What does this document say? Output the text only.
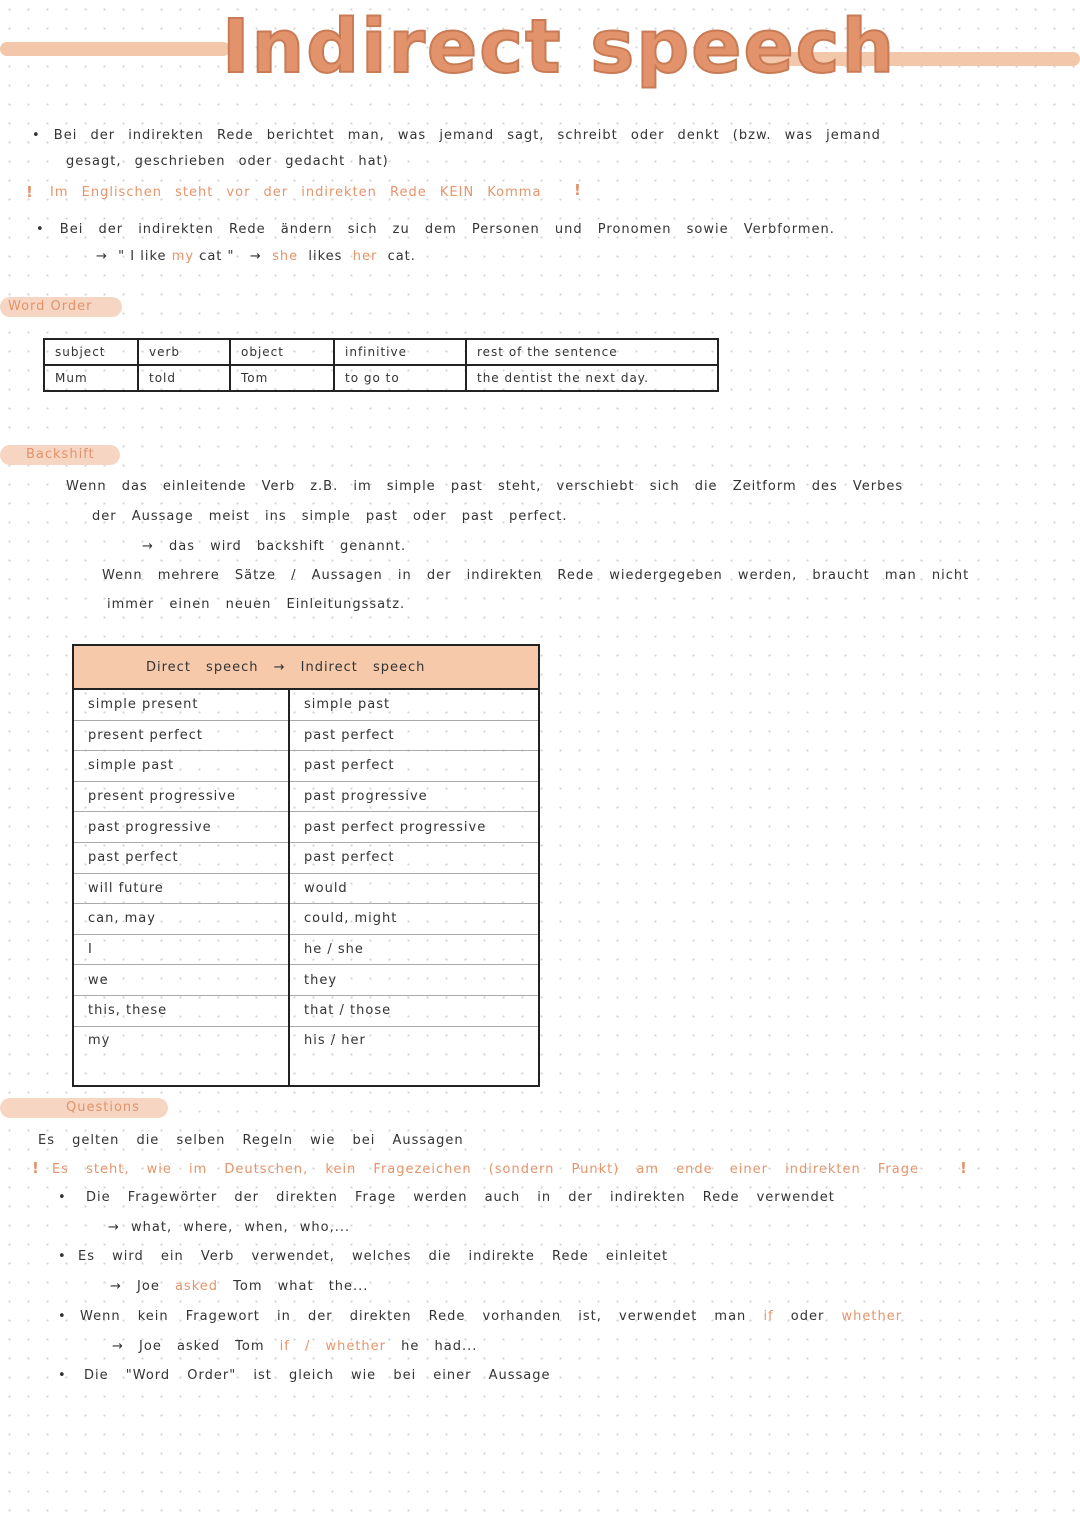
Indirect speech
• Bei der indirekten Rede berichtet man, was jemand sagt, schreibt oder denkt (bzw. was jemand
gesagt, geschrieben oder gedacht hat)
! Im Englischen steht vor der indirekten Rede KEIN Komma !
• Bei der indirekten Rede ändern sich zu dem Personen und Pronomen sowie Verbformen.
→ " I like my cat " → she likes her cat.
Word Order
subject	verb	object	infinitive	rest of the sentence
Mum	told	Tom	to go to	the dentist the next day.
Backshift
Wenn das einleitende Verb z.B. im simple past steht, verschiebt sich die Zeitform des Verbes
der Aussage meist ins simple past oder past perfect.
→ das wird backshift genannt.
Wenn mehrere Sätze / Aussagen in der indirekten Rede wiedergegeben werden, braucht man nicht
immer einen neuen Einleitungssatz.
Direct speech → Indirect speech	
simple present	simple past
present perfect	past perfect
simple past	past perfect
present progressive	past progressive
past progressive	past perfect progressive
past perfect	past perfect
will future	would
can, may	could, might
I	he / she
we	they
this, these	that / those
my	his / her
Questions
Es gelten die selben Regeln wie bei Aussagen
! Es steht, wie im Deutschen, kein Fragezeichen (sondern Punkt) am ende einer indirekten Frage	!
• Die Fragewörter der direkten Frage werden auch in der indirekten Rede verwendet
→ what, where, when, who,...
• Es wird ein Verb verwendet, welches die indirekte Rede einleitet
→ Joe asked Tom what the...
• Wenn kein Fragewort in der direkten Rede vorhanden ist, verwendet man if oder whether
→ Joe asked Tom if / whether he had...
• Die "Word Order" ist gleich wie bei einer Aussage
